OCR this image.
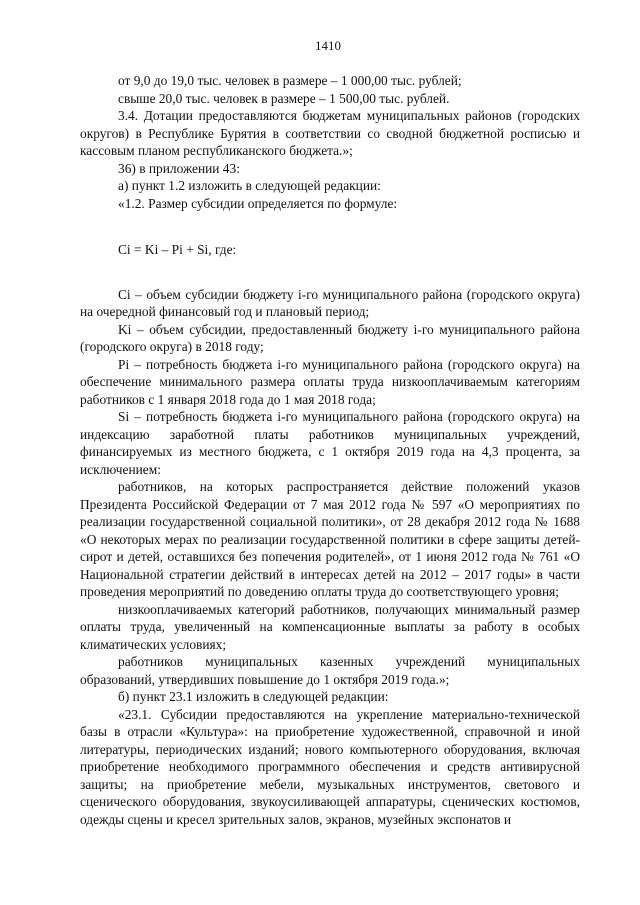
1410

от 9,0 до 19,0 тыс. человек в размере – 1 000,00 тыс. рублей;

свыше 20,0 тыс. человек в размере – 1 500,00 тыс. рублей.

3.4. Дотации предоставляются бюджетам муниципальных районов (городских округов) в Республике Бурятия в соответствии со сводной бюджетной росписью и кассовым планом республиканского бюджета.»;

36) в приложении 43:

а) пункт 1.2 изложить в следующей редакции:

«1.2. Размер субсидии определяется по формуле:

Ci = Ki – Pi + Si, где:

Ci – объем субсидии бюджету i-го муниципального района (городского округа) на очередной финансовый год и плановый период;

Ki – объем субсидии, предоставленный бюджету i-го муниципального района (городского округа) в 2018 году;

Pi – потребность бюджета i-го муниципального района (городского округа) на обеспечение минимального размера оплаты труда низкооплачиваемым категориям работников с 1 января 2018 года до 1 мая 2018 года;

Si – потребность бюджета i-го муниципального района (городского округа) на индексацию заработной платы работников муниципальных учреждений, финансируемых из местного бюджета, с 1 октября 2019 года на 4,3 процента, за исключением:

работников, на которых распространяется действие положений указов Президента Российской Федерации от 7 мая 2012 года № 597 «О мероприятиях по реализации государственной социальной политики», от 28 декабря 2012 года № 1688 «О некоторых мерах по реализации государственной политики в сфере защиты детей-сирот и детей, оставшихся без попечения родителей», от 1 июня 2012 года № 761 «О Национальной стратегии действий в интересах детей на 2012 – 2017 годы» в части проведения мероприятий по доведению оплаты труда до соответствующего уровня;

низкооплачиваемых категорий работников, получающих минимальный размер оплаты труда, увеличенный на компенсационные выплаты за работу в особых климатических условиях;

работников муниципальных казенных учреждений муниципальных образований, утвердивших повышение до 1 октября 2019 года.»;

б) пункт 23.1 изложить в следующей редакции:

«23.1. Субсидии предоставляются на укрепление материально-технической базы в отрасли «Культура»: на приобретение художественной, справочной и иной литературы, периодических изданий; нового компьютерного оборудования, включая приобретение необходимого программного обеспечения и средств антивирусной защиты; на приобретение мебели, музыкальных инструментов, светового и сценического оборудования, звукоусиливающей аппаратуры, сценических костюмов, одежды сцены и кресел зрительных залов, экранов, музейных экспонатов и
